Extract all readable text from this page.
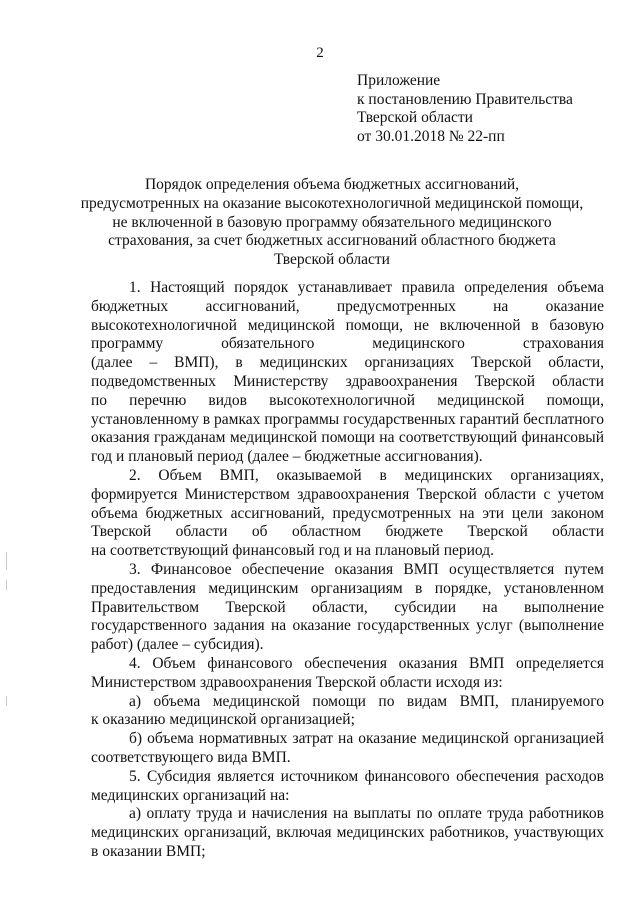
2
Приложение
к постановлению Правительства
Тверской области
от 30.01.2018 № 22-пп
Порядок определения объема бюджетных ассигнований,
предусмотренных на оказание высокотехнологичной медицинской помощи,
не включенной в базовую программу обязательного медицинского
страхования, за счет бюджетных ассигнований областного бюджета
Тверской области
1. Настоящий порядок устанавливает правила определения объема
бюджетных ассигнований, предусмотренных на оказание
высокотехнологичной медицинской помощи, не включенной в базовую
программу обязательного медицинского страхования
(далее – ВМП), в медицинских организациях Тверской области,
подведомственных Министерству здравоохранения Тверской области
по перечню видов высокотехнологичной медицинской помощи,
установленному в рамках программы государственных гарантий бесплатного
оказания гражданам медицинской помощи на соответствующий финансовый
год и плановый период (далее – бюджетные ассигнования).
2. Объем ВМП, оказываемой в медицинских организациях,
формируется Министерством здравоохранения Тверской области с учетом
объема бюджетных ассигнований, предусмотренных на эти цели законом
Тверской области об областном бюджете Тверской области
на соответствующий финансовый год и на плановый период.
3. Финансовое обеспечение оказания ВМП осуществляется путем
предоставления медицинским организациям в порядке, установленном
Правительством Тверской области, субсидии на выполнение
государственного задания на оказание государственных услуг (выполнение
работ) (далее – субсидия).
4. Объем финансового обеспечения оказания ВМП определяется
Министерством здравоохранения Тверской области исходя из:
а) объема медицинской помощи по видам ВМП, планируемого
к оказанию медицинской организацией;
б) объема нормативных затрат на оказание медицинской организацией
соответствующего вида ВМП.
5. Субсидия является источником финансового обеспечения расходов
медицинских организаций на:
а) оплату труда и начисления на выплаты по оплате труда работников
медицинских организаций, включая медицинских работников, участвующих
в оказании ВМП;
